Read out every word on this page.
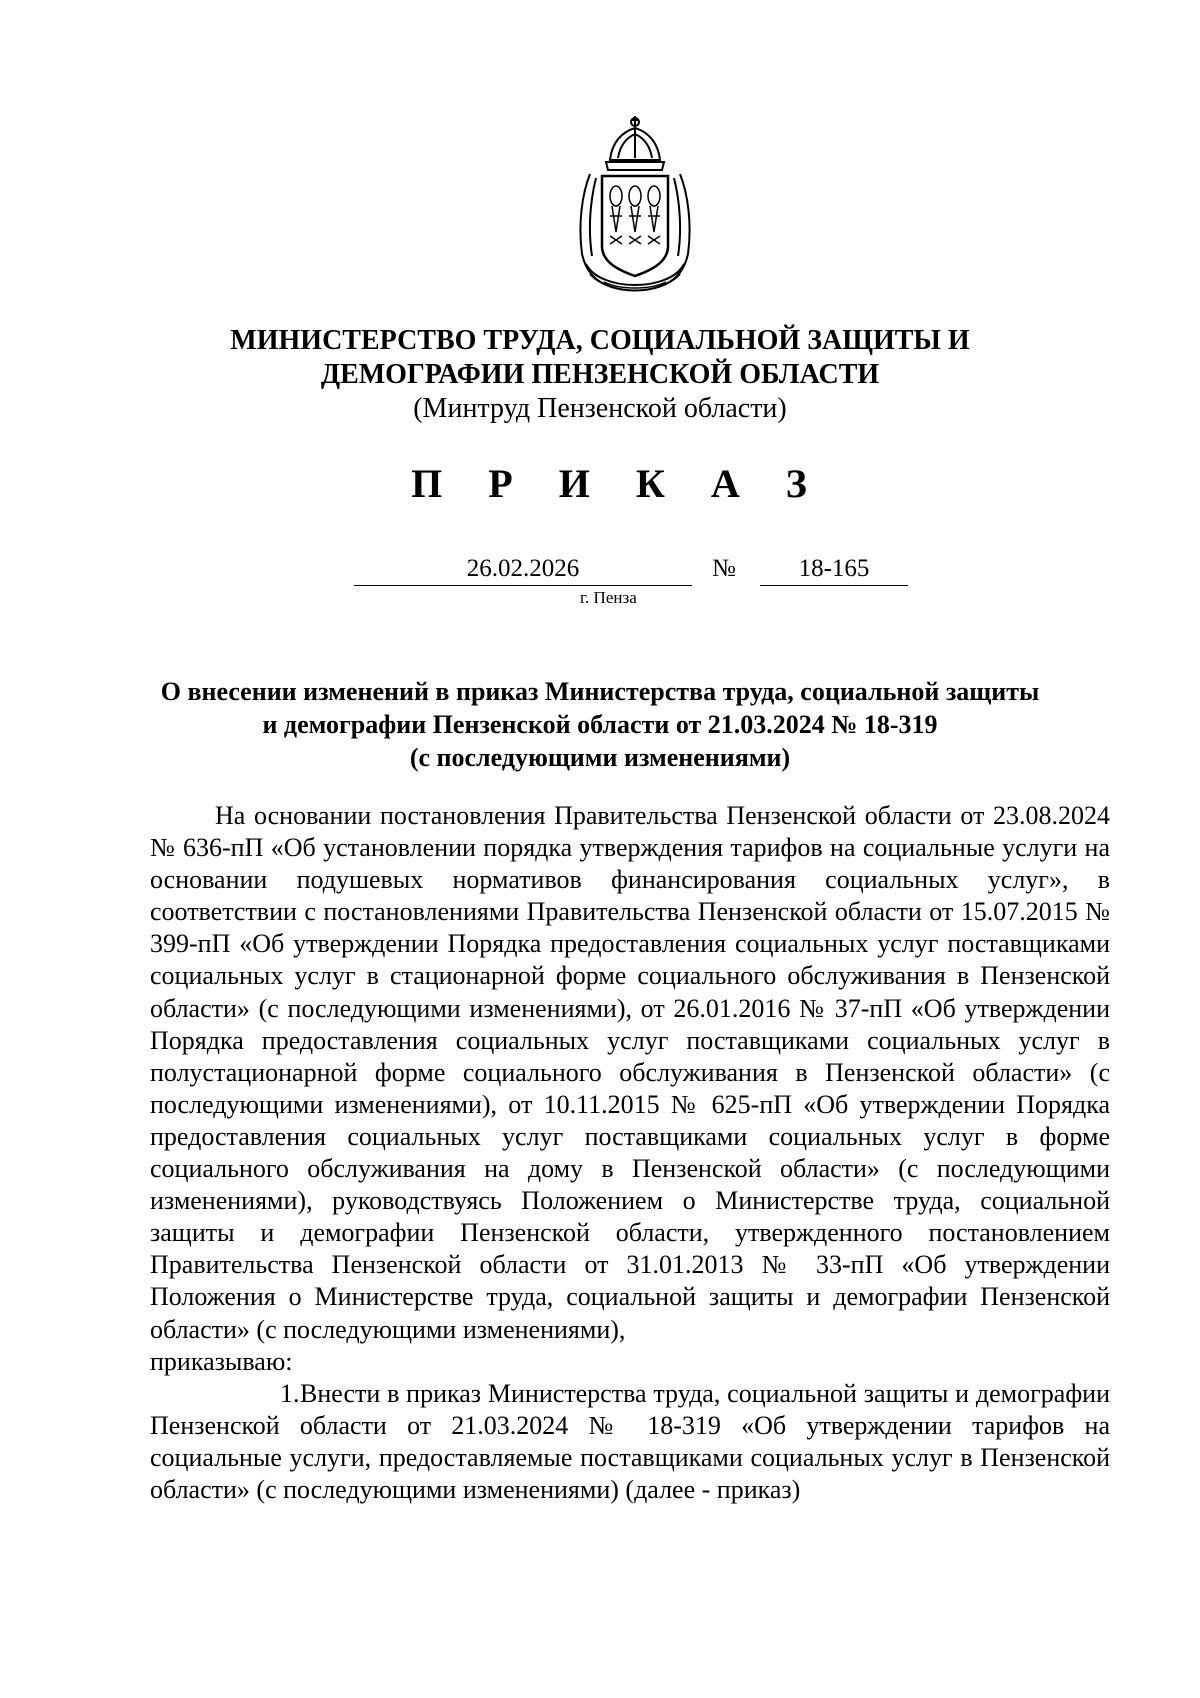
МИНИСТЕРСТВО ТРУДА, СОЦИАЛЬНОЙ ЗАЩИТЫ И
ДЕМОГРАФИИ ПЕНЗЕНСКОЙ ОБЛАСТИ
(Минтруд Пензенской области)
П Р И К А З
26.02.2026	№	18-165
г. Пенза
О внесении изменений в приказ Министерства труда, социальной защиты
и демографии Пензенской области от 21.03.2024 № 18-319
(с последующими изменениями)

На основании постановления Правительства Пензенской области от 23.08.2024 № 636-пП «Об установлении порядка утверждения тарифов на социальные услуги на основании подушевых нормативов финансирования социальных услуг», в соответствии с постановлениями Правительства Пензенской области от 15.07.2015 № 399-пП «Об утверждении Порядка предоставления социальных услуг поставщиками социальных услуг в стационарной форме социального обслуживания в Пензенской области» (с последующими изменениями), от 26.01.2016 № 37-пП «Об утверждении Порядка предоставления социальных услуг поставщиками социальных услуг в полустационарной форме социального обслуживания в Пензенской области» (с последующими изменениями), от 10.11.2015 № 625-пП «Об утверждении Порядка предоставления социальных услуг поставщиками социальных услуг в форме социального обслуживания на дому в Пензенской области» (с последующими изменениями), руководствуясь Положением о Министерстве труда, социальной защиты и демографии Пензенской области, утвержденного постановлением Правительства Пензенской области от 31.01.2013 № 33-пП «Об утверждении Положения о Министерстве труда, социальной защиты и демографии Пензенской области» (с последующими изменениями),

приказываю:

1.Внести в приказ Министерства труда, социальной защиты и демографии Пензенской области от 21.03.2024 № 18-319 «Об утверждении тарифов на социальные услуги, предоставляемые поставщиками социальных услуг в Пензенской области» (с последующими изменениями) (далее - приказ)
